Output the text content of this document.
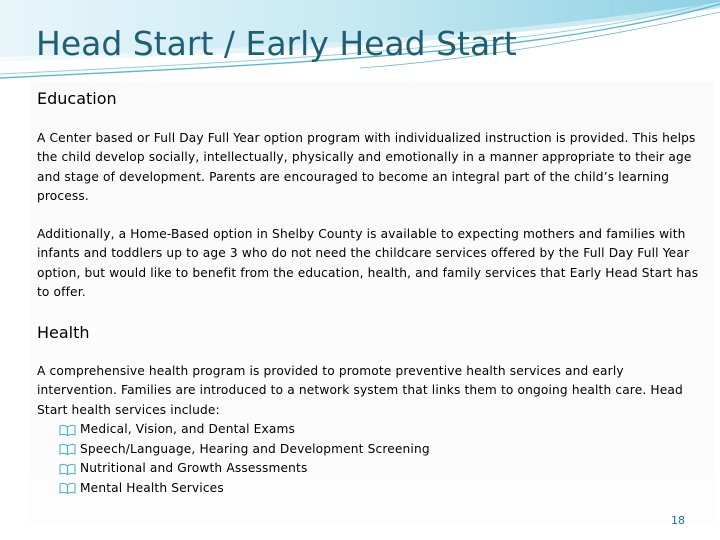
Head Start / Early Head Start
Education

A Center based or Full Day Full Year option program with individualized instruction is provided. This helps the child develop socially, intellectually, physically and emotionally in a manner appropriate to their age and stage of development. Parents are encouraged to become an integral part of the child’s learning process.

Additionally, a Home-Based option in Shelby County is available to expecting mothers and families with infants and toddlers up to age 3 who do not need the childcare services offered by the Full Day Full Year option, but would like to benefit from the education, health, and family services that Early Head Start has to offer.

Health

A comprehensive health program is provided to promote preventive health services and early intervention. Families are introduced to a network system that links them to ongoing health care. Head Start health services include:

Medical, Vision, and Dental Exams
Speech/Language, Hearing and Development Screening
Nutritional and Growth Assessments
Mental Health Services
18
